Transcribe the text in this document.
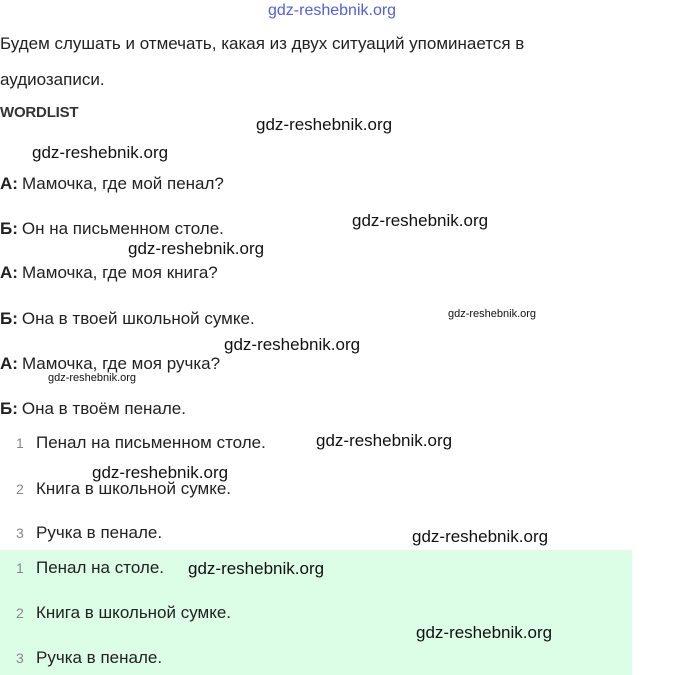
gdz-reshebnik.org
Будем слушать и отмечать, какая из двух ситуаций упоминается в
аудиозаписи.
WORDLIST
А: Мамочка, где мой пенал?
Б: Он на письменном столе.
А: Мамочка, где моя книга?
Б: Она в твоей школьной сумке.
А: Мамочка, где моя ручка?
Б: Она в твоём пенале.
1 Пенал на письменном столе.
2 Книга в школьной сумке.
3 Ручка в пенале.
1 Пенал на столе.
2 Книга в школьной сумке.
3 Ручка в пенале.
gdz-reshebnik.org
gdz-reshebnik.org
gdz-reshebnik.org
gdz-reshebnik.org
gdz-reshebnik.org
gdz-reshebnik.org
gdz-reshebnik.org
gdz-reshebnik.org
gdz-reshebnik.org
gdz-reshebnik.org
gdz-reshebnik.org
gdz-reshebnik.org
